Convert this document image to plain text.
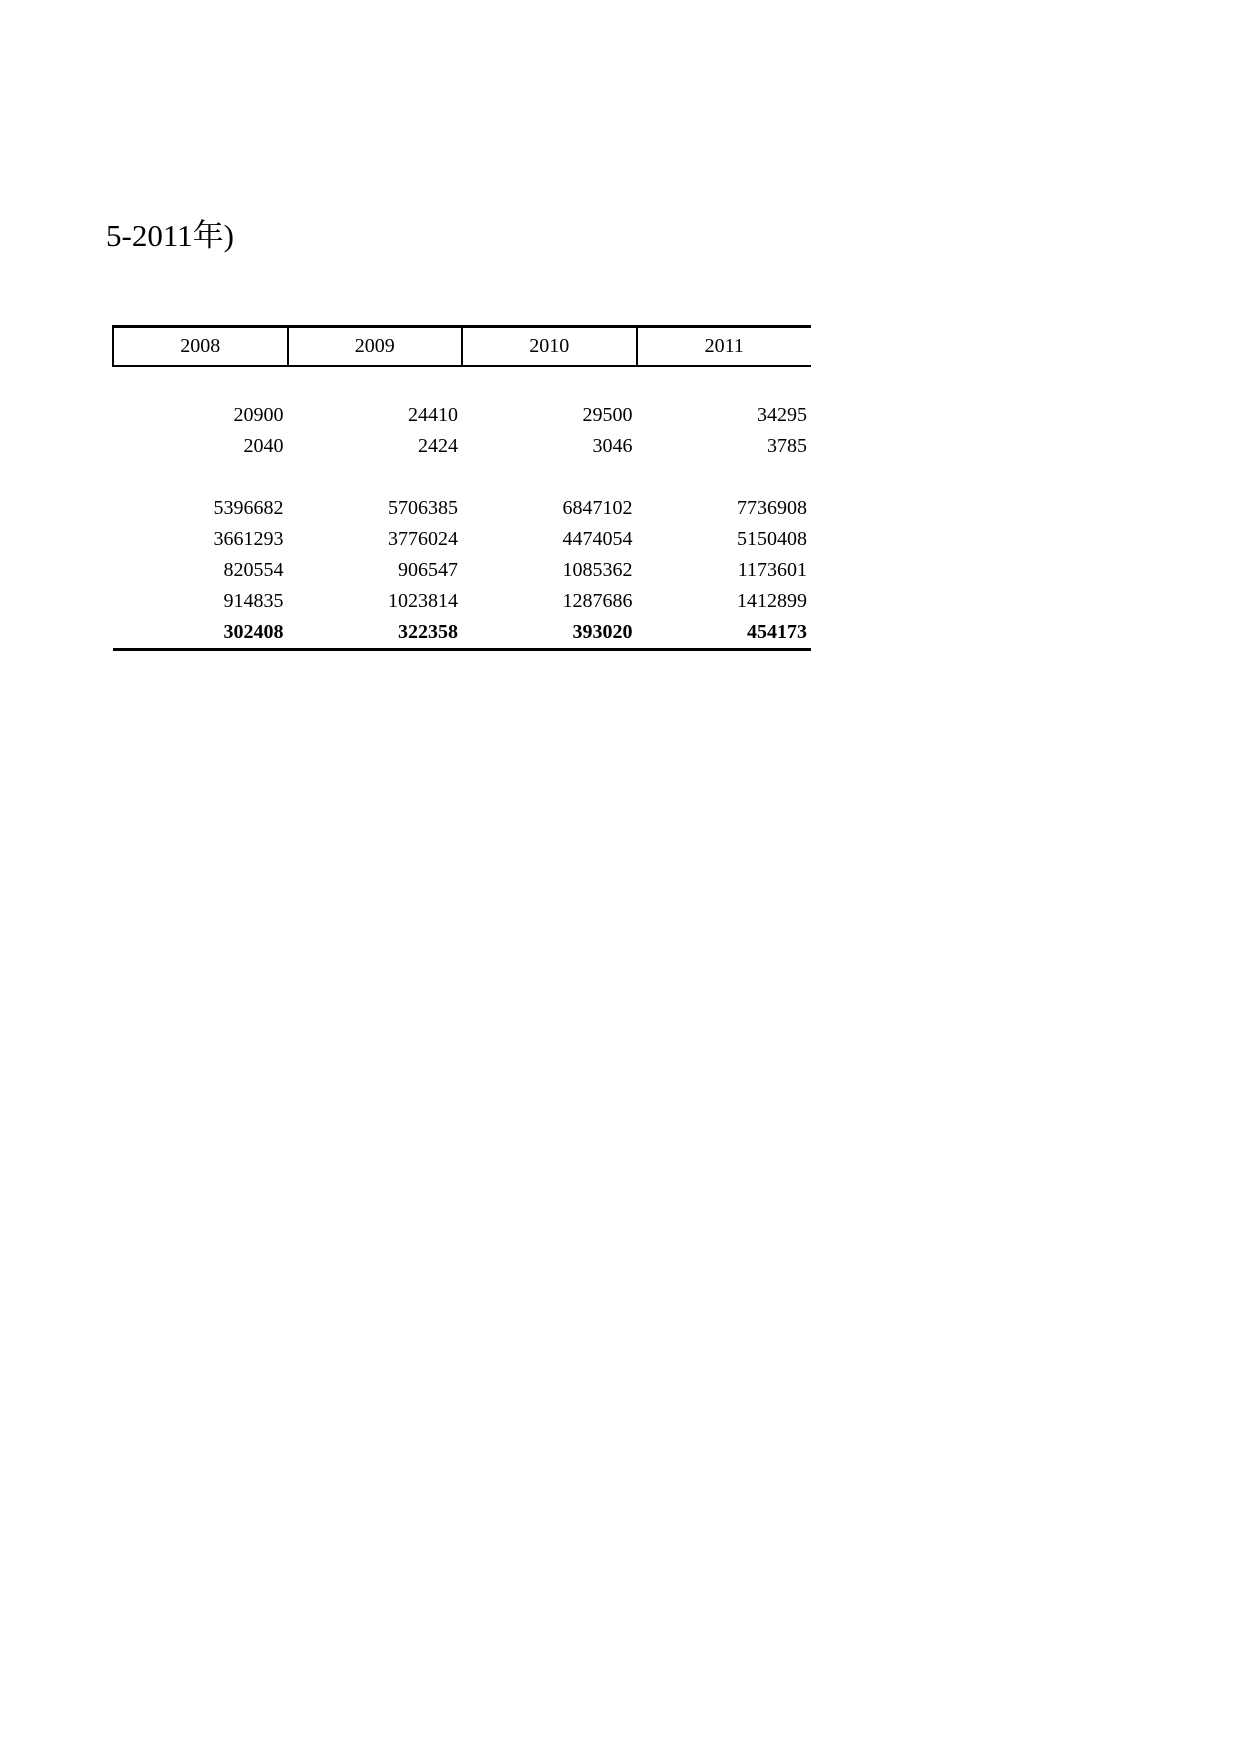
5-2011年)
2008	2009	2010	2011

20900	24410	29500	34295
2040	2424	3046	3785

5396682	5706385	6847102	7736908
3661293	3776024	4474054	5150408
820554	906547	1085362	1173601
914835	1023814	1287686	1412899
302408	322358	393020	454173
